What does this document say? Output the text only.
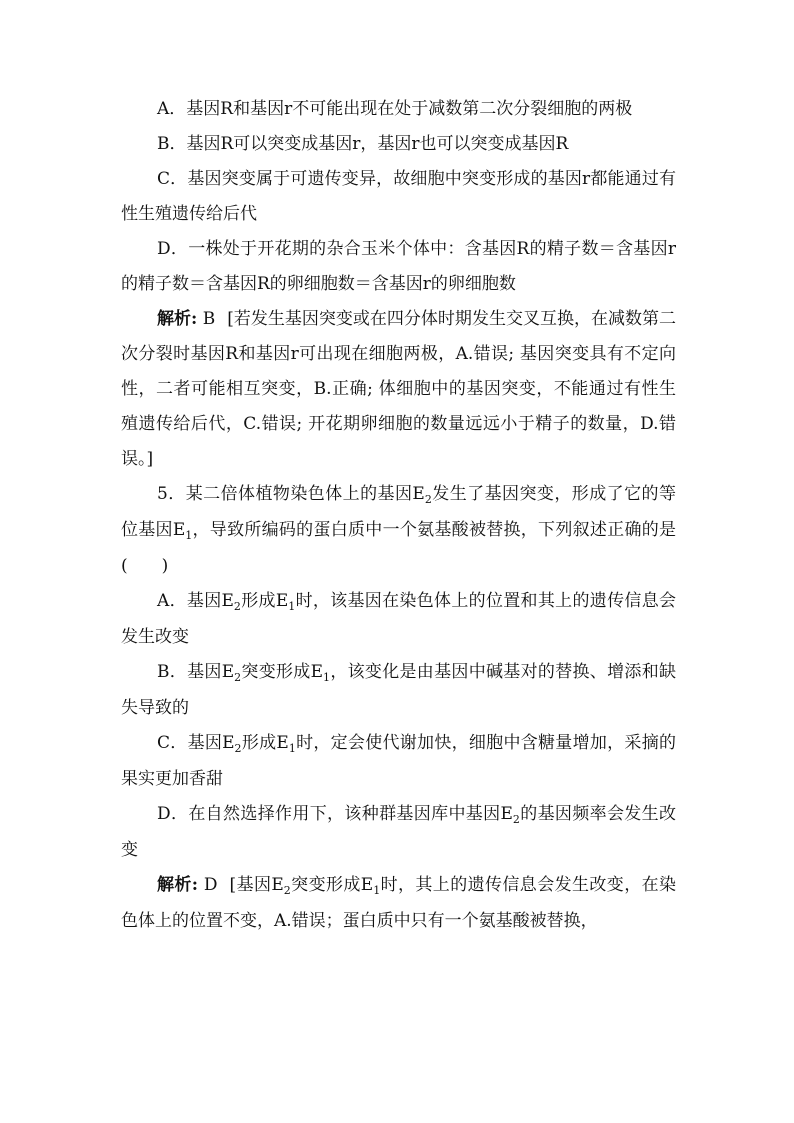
A．基因R和基因r不可能出现在处于减数第二次分裂细胞的两极

B．基因R可以突变成基因r，基因r也可以突变成基因R

C．基因突变属于可遗传变异，故细胞中突变形成的基因r都能通过有性生殖遗传给后代

D．一株处于开花期的杂合玉米个体中：含基因R的精子数＝含基因r的精子数＝含基因R的卵细胞数＝含基因r的卵细胞数

解析: B [若发生基因突变或在四分体时期发生交叉互换，在减数第二次分裂时基因R和基因r可出现在细胞两极，A.错误; 基因突变具有不定向性，二者可能相互突变，B.正确; 体细胞中的基因突变，不能通过有性生殖遗传给后代，C.错误; 开花期卵细胞的数量远远小于精子的数量，D.错误。]

5．某二倍体植物染色体上的基因$E_2$发生了基因突变，形成了它的等位基因$E_1$，导致所编码的蛋白质中一个氨基酸被替换，下列叙述正确的是(　　)

A．基因$E_2$形成$E_1$时，该基因在染色体上的位置和其上的遗传信息会发生改变

B．基因$E_2$突变形成$E_1$，该变化是由基因中碱基对的替换、增添和缺失导致的

C．基因$E_2$形成$E_1$时，定会使代谢加快，细胞中含糖量增加，采摘的果实更加香甜

D．在自然选择作用下，该种群基因库中基因$E_2$的基因频率会发生改变

解析: D [基因$E_2$突变形成$E_1$时，其上的遗传信息会发生改变，在染色体上的位置不变，A.错误；蛋白质中只有一个氨基酸被替换，
